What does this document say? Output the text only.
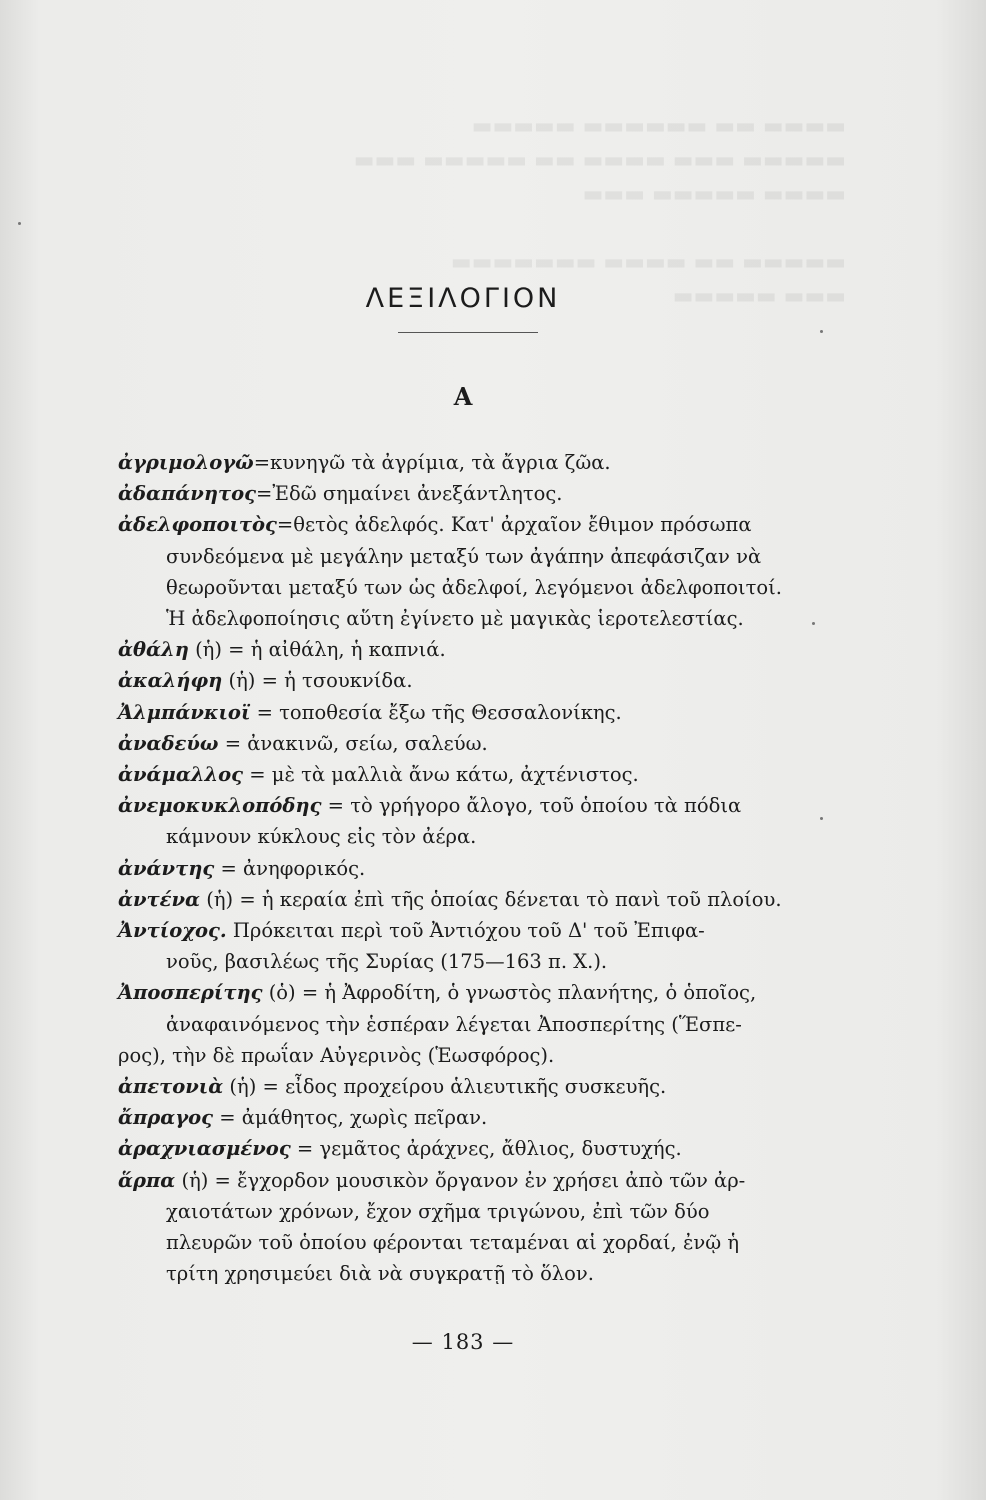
▬▬▬▬ ▬▬ ▬▬▬▬▬▬ ▬▬▬▬▬
▬▬▬▬▬ ▬▬▬ ▬▬▬▬ ▬▬ ▬▬▬▬▬ ▬▬▬
▬▬▬▬ ▬▬▬▬▬ ▬▬▬

▬▬▬▬▬ ▬▬ ▬▬▬▬ ▬▬▬▬▬▬▬
▬▬▬ ▬▬▬▬▬
ΛΕΞΙΛΟΓΙΟΝ
Α

ἀγριμολογῶ=κυνηγῶ τὰ ἀγρίμια, τὰ ἄγρια ζῶα.

ἀδαπάνητος=Ἐδῶ σημαίνει ἀνεξάντλητος.

ἀδελφοποιτὸς=θετὸς ἀδελφός. Κατ' ἀρχαῖον ἔθιμον πρόσωπα

συνδεόμενα μὲ μεγάλην μεταξύ των ἀγάπην ἀπεφάσιζαν νὰ

θεωροῦνται μεταξύ των ὡς ἀδελφοί, λεγόμενοι ἀδελφοποιτοί.

Ἡ ἀδελφοποίησις αὕτη ἐγίνετο μὲ μαγικὰς ἱεροτελεστίας.

ἀθάλη (ἡ) = ἡ αἰθάλη, ἡ καπνιά.

ἀκαλήφη (ἡ) = ἡ τσουκνίδα.

Ἀλμπάνκιοϊ = τοποθεσία ἔξω τῆς Θεσσαλονίκης.

ἀναδεύω = ἀνακινῶ, σείω, σαλεύω.

ἀνάμαλλος = μὲ τὰ μαλλιὰ ἄνω κάτω, ἀχτένιστος.

ἀνεμοκυκλοπόδης = τὸ γρήγορο ἄλογο, τοῦ ὁποίου τὰ πόδια

κάμνουν κύκλους εἰς τὸν ἀέρα.

ἀνάντης = ἀνηφορικός.

ἀντένα (ἡ) = ἡ κεραία ἐπὶ τῆς ὁποίας δένεται τὸ πανὶ τοῦ πλοίου.

Ἀντίοχος. Πρόκειται περὶ τοῦ Ἀντιόχου τοῦ Δ' τοῦ Ἐπιφα-

νοῦς, βασιλέως τῆς Συρίας (175—163 π. Χ.).

Ἀποσπερίτης (ὁ) = ἡ Ἀφροδίτη, ὁ γνωστὸς πλανήτης, ὁ ὁποῖος,

ἀναφαινόμενος τὴν ἑσπέραν λέγεται Ἀποσπερίτης (Ἕσπε-

ρος), τὴν δὲ πρωΐαν Αὐγερινὸς (Ἑωσφόρος).

ἀπετονιὰ (ἡ) = εἶδος προχείρου ἁλιευτικῆς συσκευῆς.

ἄπραγος = ἀμάθητος, χωρὶς πεῖραν.

ἀραχνιασμένος = γεμᾶτος ἀράχνες, ἄθλιος, δυστυχής.

ἅρπα (ἡ) = ἔγχορδον μουσικὸν ὄργανον ἐν χρήσει ἀπὸ τῶν ἀρ-

χαιοτάτων χρόνων, ἔχον σχῆμα τριγώνου, ἐπὶ τῶν δύο

πλευρῶν τοῦ ὁποίου φέρονται τεταμέναι αἱ χορδαί, ἐνῷ ἡ

τρίτη χρησιμεύει διὰ νὰ συγκρατῇ τὸ ὅλον.

— 183 —
